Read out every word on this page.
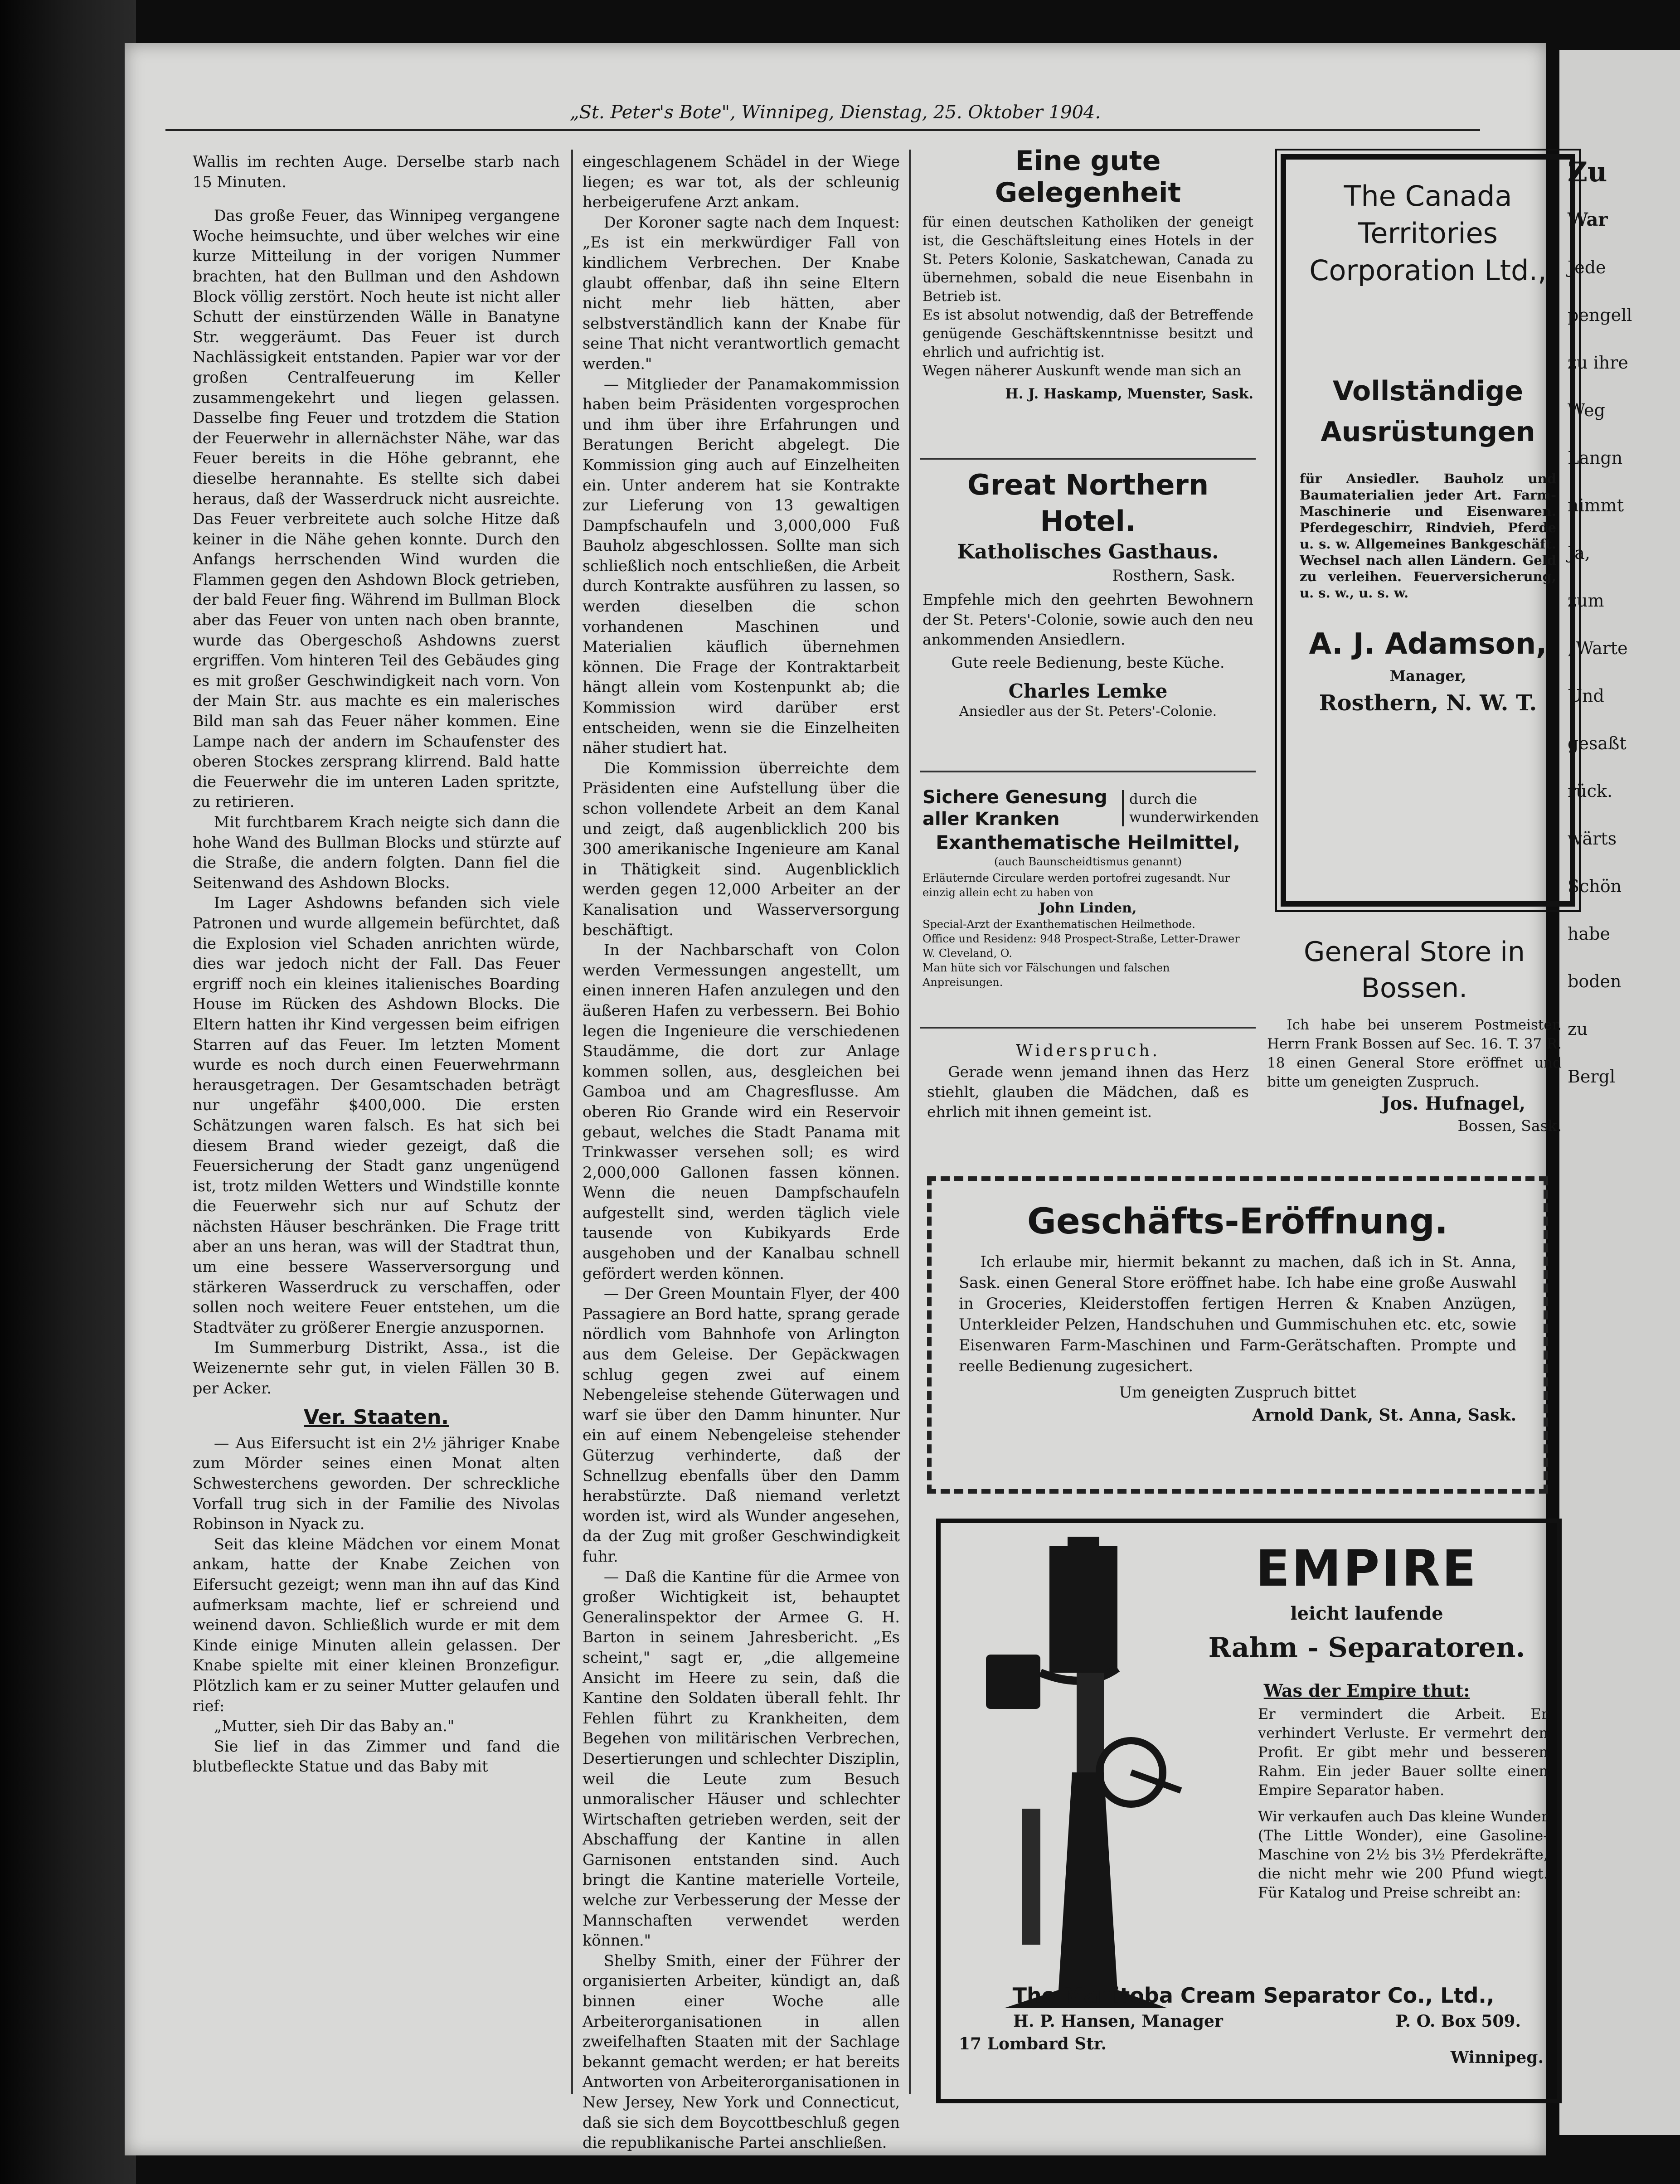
Zu
War
Jede
pengell
zu ihre
Weg
Langn
nimmt
Ja,
zum
„Warte
Und
gesaßt
rück.
wärts
Schön
habe
boden
zu
Bergl
„St. Peter's Bote", Winnipeg, Dienstag, 25. Oktober 1904.

Wallis im rechten Auge. Derselbe starb nach 15 Minuten.

Das große Feuer, das Winnipeg vergangene Woche heimsuchte, und über welches wir eine kurze Mitteilung in der vorigen Nummer brachten, hat den Bullman und den Ashdown Block völlig zerstört. Noch heute ist nicht aller Schutt der einstürzenden Wälle in Banatyne Str. weggeräumt. Das Feuer ist durch Nachlässigkeit entstanden. Papier war vor der großen Centralfeuerung im Keller zusammengekehrt und liegen gelassen. Dasselbe fing Feuer und trotzdem die Station der Feuerwehr in allernächster Nähe, war das Feuer bereits in die Höhe gebrannt, ehe dieselbe herannahte. Es stellte sich dabei heraus, daß der Wasserdruck nicht ausreichte. Das Feuer verbreitete auch solche Hitze daß keiner in die Nähe gehen konnte. Durch den Anfangs herrschenden Wind wurden die Flammen gegen den Ashdown Block getrieben, der bald Feuer fing. Während im Bullman Block aber das Feuer von unten nach oben brannte, wurde das Obergeschoß Ashdowns zuerst ergriffen. Vom hinteren Teil des Gebäudes ging es mit großer Geschwindigkeit nach vorn. Von der Main Str. aus machte es ein malerisches Bild man sah das Feuer näher kommen. Eine Lampe nach der andern im Schaufenster des oberen Stockes zersprang klirrend. Bald hatte die Feuerwehr die im unteren Laden spritzte, zu retirieren.

Mit furchtbarem Krach neigte sich dann die hohe Wand des Bullman Blocks und stürzte auf die Straße, die andern folgten. Dann fiel die Seitenwand des Ashdown Blocks.

Im Lager Ashdowns befanden sich viele Patronen und wurde allgemein befürchtet, daß die Explosion viel Schaden anrichten würde, dies war jedoch nicht der Fall. Das Feuer ergriff noch ein kleines italienisches Boarding House im Rücken des Ashdown Blocks. Die Eltern hatten ihr Kind vergessen beim eifrigen Starren auf das Feuer. Im letzten Moment wurde es noch durch einen Feuerwehrmann herausgetragen. Der Gesamtschaden beträgt nur ungefähr $400,000. Die ersten Schätzungen waren falsch. Es hat sich bei diesem Brand wieder gezeigt, daß die Feuersicherung der Stadt ganz ungenügend ist, trotz milden Wetters und Windstille konnte die Feuerwehr sich nur auf Schutz der nächsten Häuser beschränken. Die Frage tritt aber an uns heran, was will der Stadtrat thun, um eine bessere Wasserversorgung und stärkeren Wasserdruck zu verschaffen, oder sollen noch weitere Feuer entstehen, um die Stadtväter zu größerer Energie anzuspornen.

Im Summerburg Distrikt, Assa., ist die Weizenernte sehr gut, in vielen Fällen 30 B. per Acker.

Ver. Staaten.

— Aus Eifersucht ist ein 2½ jähriger Knabe zum Mörder seines einen Monat alten Schwesterchens geworden. Der schreckliche Vorfall trug sich in der Familie des Nivolas Robinson in Nyack zu.

Seit das kleine Mädchen vor einem Monat ankam, hatte der Knabe Zeichen von Eifersucht gezeigt; wenn man ihn auf das Kind aufmerksam machte, lief er schreiend und weinend davon. Schließlich wurde er mit dem Kinde einige Minuten allein gelassen. Der Knabe spielte mit einer kleinen Bronzefigur. Plötzlich kam er zu seiner Mutter gelaufen und rief:

„Mutter, sieh Dir das Baby an."

Sie lief in das Zimmer und fand die blutbefleckte Statue und das Baby mit

eingeschlagenem Schädel in der Wiege liegen; es war tot, als der schleunig herbeigerufene Arzt ankam.

Der Koroner sagte nach dem Inquest: „Es ist ein merkwürdiger Fall von kindlichem Verbrechen. Der Knabe glaubt offenbar, daß ihn seine Eltern nicht mehr lieb hätten, aber selbstverständlich kann der Knabe für seine That nicht verantwortlich gemacht werden."

— Mitglieder der Panamakommission haben beim Präsidenten vorgesprochen und ihm über ihre Erfahrungen und Beratungen Bericht abgelegt. Die Kommission ging auch auf Einzelheiten ein. Unter anderem hat sie Kontrakte zur Lieferung von 13 gewaltigen Dampfschaufeln und 3,000,000 Fuß Bauholz abgeschlossen. Sollte man sich schließlich noch entschließen, die Arbeit durch Kontrakte ausführen zu lassen, so werden dieselben die schon vorhandenen Maschinen und Materialien käuflich übernehmen können. Die Frage der Kontraktarbeit hängt allein vom Kostenpunkt ab; die Kommission wird darüber erst entscheiden, wenn sie die Einzelheiten näher studiert hat.

Die Kommission überreichte dem Präsidenten eine Aufstellung über die schon vollendete Arbeit an dem Kanal und zeigt, daß augenblicklich 200 bis 300 amerikanische Ingenieure am Kanal in Thätigkeit sind. Augenblicklich werden gegen 12,000 Arbeiter an der Kanalisation und Wasserversorgung beschäftigt.

In der Nachbarschaft von Colon werden Vermessungen angestellt, um einen inneren Hafen anzulegen und den äußeren Hafen zu verbessern. Bei Bohio legen die Ingenieure die verschiedenen Staudämme, die dort zur Anlage kommen sollen, aus, desgleichen bei Gamboa und am Chagresflusse. Am oberen Rio Grande wird ein Reservoir gebaut, welches die Stadt Panama mit Trinkwasser versehen soll; es wird 2,000,000 Gallonen fassen können. Wenn die neuen Dampfschaufeln aufgestellt sind, werden täglich viele tausende von Kubikyards Erde ausgehoben und der Kanalbau schnell gefördert werden können.

— Der Green Mountain Flyer, der 400 Passagiere an Bord hatte, sprang gerade nördlich vom Bahnhofe von Arlington aus dem Geleise. Der Gepäckwagen schlug gegen zwei auf einem Nebengeleise stehende Güterwagen und warf sie über den Damm hinunter. Nur ein auf einem Nebengeleise stehender Güterzug verhinderte, daß der Schnellzug ebenfalls über den Damm herabstürzte. Daß niemand verletzt worden ist, wird als Wunder angesehen, da der Zug mit großer Geschwindigkeit fuhr.

— Daß die Kantine für die Armee von großer Wichtigkeit ist, behauptet Generalinspektor der Armee G. H. Barton in seinem Jahresbericht. „Es scheint," sagt er, „die allgemeine Ansicht im Heere zu sein, daß die Kantine den Soldaten überall fehlt. Ihr Fehlen führt zu Krankheiten, dem Begehen von militärischen Verbrechen, Desertierungen und schlechter Disziplin, weil die Leute zum Besuch unmoralischer Häuser und schlechter Wirtschaften getrieben werden, seit der Abschaffung der Kantine in allen Garnisonen entstanden sind. Auch bringt die Kantine materielle Vorteile, welche zur Verbesserung der Messe der Mannschaften verwendet werden können."

Shelby Smith, einer der Führer der organisierten Arbeiter, kündigt an, daß binnen einer Woche alle Arbeiterorganisationen in allen zweifelhaften Staaten mit der Sachlage bekannt gemacht werden; er hat bereits Antworten von Arbeiterorganisationen in New Jersey, New York und Connecticut, daß sie sich dem Boycottbeschluß gegen die republikanische Partei anschließen.

Eine gute Gelegenheit
für einen deutschen Katholiken der geneigt ist, die Geschäftsleitung eines Hotels in der St. Peters Kolonie, Saskatchewan, Canada zu übernehmen, sobald die neue Eisenbahn in Betrieb ist.
Es ist absolut notwendig, daß der Betreffende genügende Geschäftskenntnisse besitzt und ehrlich und aufrichtig ist.
Wegen näherer Auskunft wende man sich an
H. J. Haskamp, Muenster, Sask.
Great Northern Hotel.
Katholisches Gasthaus.
Rosthern, Sask.
Empfehle mich den geehrten Bewohnern der St. Peters'-Colonie, sowie auch den neu ankommenden Ansiedlern.
Gute reele Bedienung, beste Küche.
Charles Lemke
Ansiedler aus der St. Peters'-Colonie.
Sichere Genesung
aller Kranken
durch die wunderwirkenden
Exanthematische Heilmittel,
(auch Baunscheidtismus genannt)
Erläuternde Circulare werden portofrei zugesandt. Nur einzig allein echt zu haben von
John Linden,
Special-Arzt der Exanthematischen Heilmethode.
Office und Residenz: 948 Prospect-Straße, Letter-Drawer W. Cleveland, O.
Man hüte sich vor Fälschungen und falschen Anpreisungen.
Widerspruch.
Gerade wenn jemand ihnen das Herz stiehlt, glauben die Mädchen, daß es ehrlich mit ihnen gemeint ist.
The Canada Territories Corporation Ltd.,
Vollständige Ausrüstungen
für Ansiedler. Bauholz und Baumaterialien jeder Art. Farm-Maschinerie und Eisenwaren. Pferdegeschirr, Rindvieh, Pferde u. s. w. Allgemeines Bankgeschäft. Wechsel nach allen Ländern. Geld zu verleihen. Feuerversicherung, u. s. w., u. s. w.
A. J. Adamson,
Manager,
Rosthern, N. W. T.
General Store in Bossen.
Ich habe bei unserem Postmeister, Herrn Frank Bossen auf Sec. 16. T. 37 R. 18 einen General Store eröffnet und bitte um geneigten Zuspruch.
Jos. Hufnagel,
Bossen, Sask.
Geschäfts-Eröffnung.
Ich erlaube mir, hiermit bekannt zu machen, daß ich in St. Anna, Sask. einen General Store eröffnet habe. Ich habe eine große Auswahl in Groceries, Kleiderstoffen fertigen Herren & Knaben Anzügen, Unterkleider Pelzen, Handschuhen und Gummischuhen etc. etc, sowie Eisenwaren Farm-Maschinen und Farm-Gerätschaften. Prompte und reelle Bedienung zugesichert.
Um geneigten Zuspruch bittet
Arnold Dank, St. Anna, Sask.
EMPIRE
leicht laufende
Rahm - Separatoren.
Was der Empire thut:
Er vermindert die Arbeit. Er verhindert Verluste. Er vermehrt den Profit. Er gibt mehr und besseren Rahm. Ein jeder Bauer sollte einen Empire Separator haben.
Wir verkaufen auch Das kleine Wunder (The Little Wonder), eine Gasoline-Maschine von 2½ bis 3½ Pferdekräfte, die nicht mehr wie 200 Pfund wiegt. Für Katalog und Preise schreibt an:
The Manitoba Cream Separator Co., Ltd.,
H. P. Hansen, Manager	P. O. Box 509.
17 Lombard Str.
Winnipeg.
